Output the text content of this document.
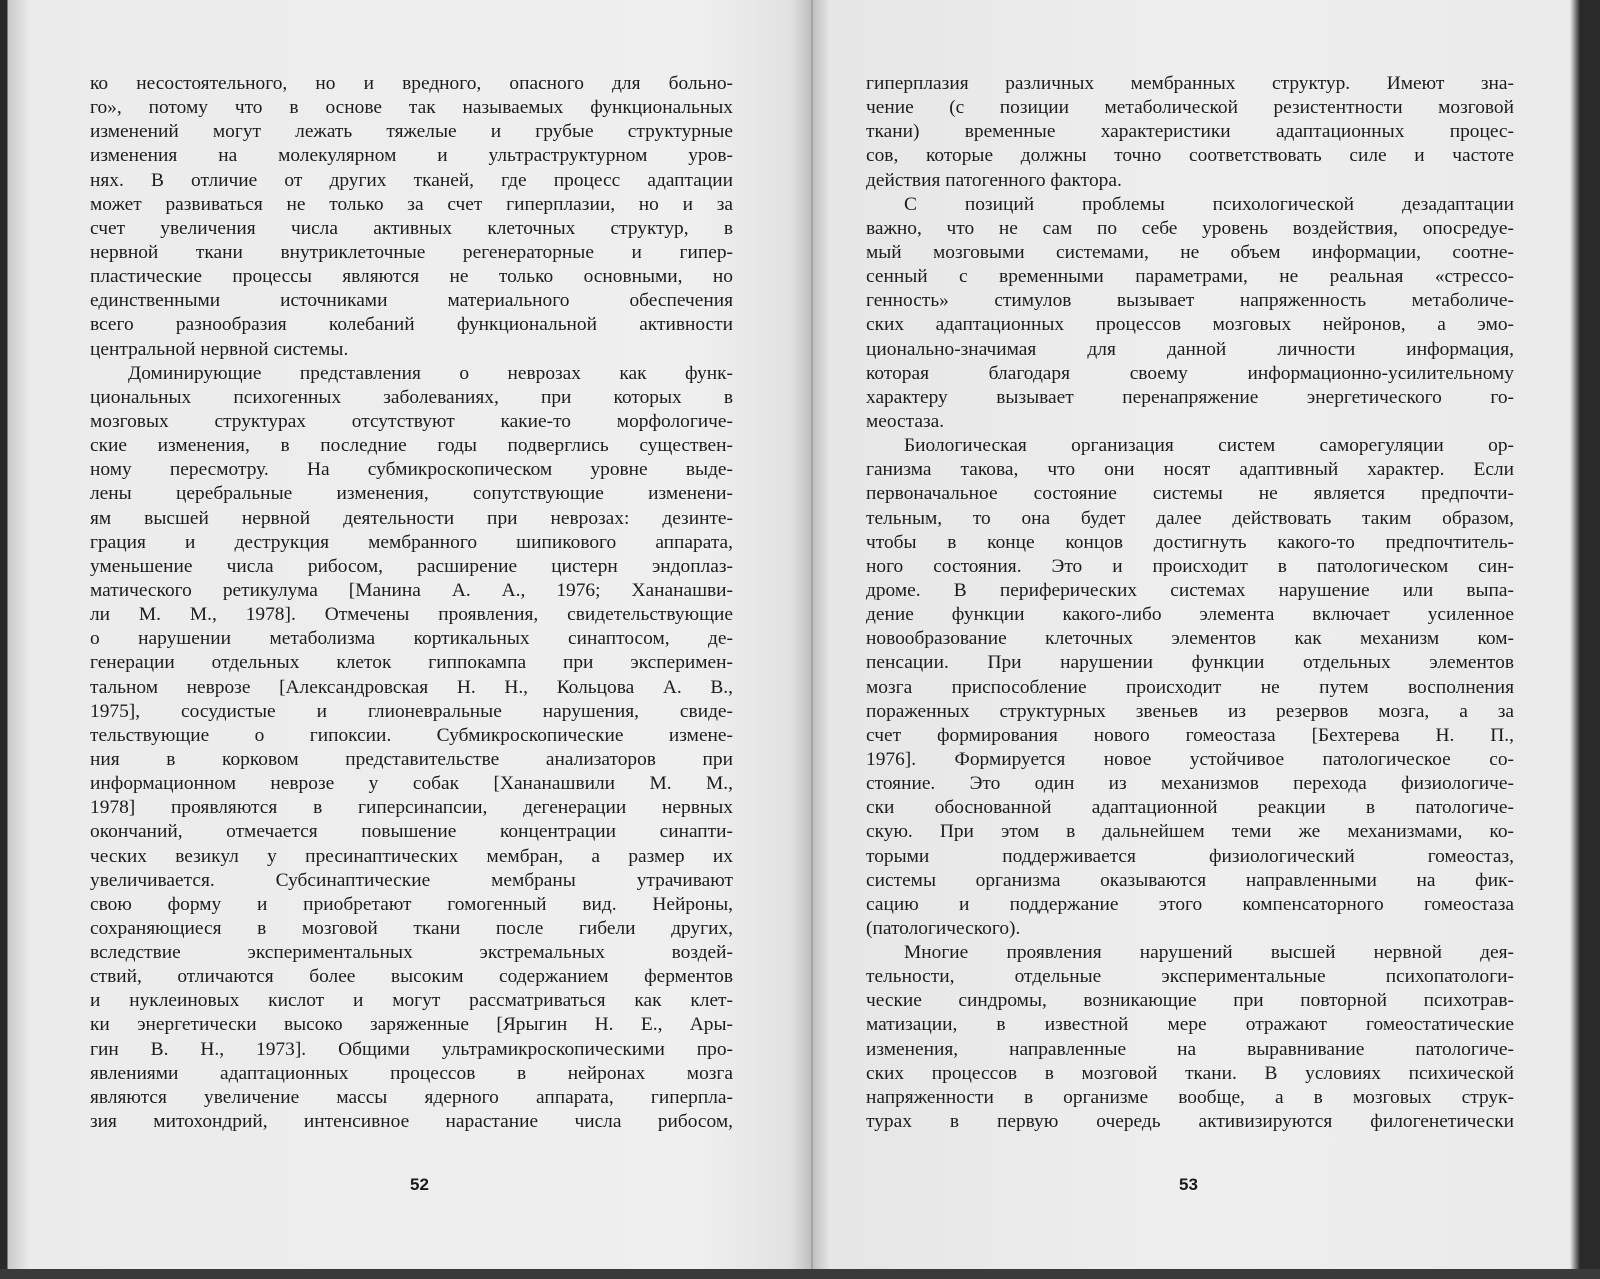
ко несостоятельного, но и вредного, опасного для больно-
го», потому что в основе так называемых функциональных
изменений могут лежать тяжелые и грубые структурные
изменения на молекулярном и ультраструктурном уров-
нях. В отличие от других тканей, где процесс адаптации
может развиваться не только за счет гиперплазии, но и за
счет увеличения числа активных клеточных структур, в
нервной ткани внутриклеточные регенераторные и гипер-
пластические процессы являются не только основными, но
единственными источниками материального обеспечения
всего разнообразия колебаний функциональной активности
центральной нервной системы.
Доминирующие представления о неврозах как функ-
циональных психогенных заболеваниях, при которых в
мозговых структурах отсутствуют какие-то морфологиче-
ские изменения, в последние годы подверглись существен-
ному пересмотру. На субмикроскопическом уровне выде-
лены церебральные изменения, сопутствующие изменени-
ям высшей нервной деятельности при неврозах: дезинте-
грация и деструкция мембранного шипикового аппарата,
уменьшение числа рибосом, расширение цистерн эндоплаз-
матического ретикулума [Манина А. А., 1976; Хананашви-
ли М. М., 1978]. Отмечены проявления, свидетельствующие
о нарушении метаболизма кортикальных синаптосом, де-
генерации отдельных клеток гиппокампа при эксперимен-
тальном неврозе [Александровская Н. Н., Кольцова А. В.,
1975], сосудистые и глионевральные нарушения, свиде-
тельствующие о гипоксии. Субмикроскопические измене-
ния в корковом представительстве анализаторов при
информационном неврозе у собак [Хананашвили М. М.,
1978] проявляются в гиперсинапсии, дегенерации нервных
окончаний, отмечается повышение концентрации синапти-
ческих везикул у пресинаптических мембран, а размер их
увеличивается. Субсинаптические мембраны утрачивают
свою форму и приобретают гомогенный вид. Нейроны,
сохраняющиеся в мозговой ткани после гибели других,
вследствие экспериментальных экстремальных воздей-
ствий, отличаются более высоким содержанием ферментов
и нуклеиновых кислот и могут рассматриваться как клет-
ки энергетически высоко заряженные [Ярыгин Н. Е., Ары-
гин В. Н., 1973]. Общими ультрамикроскопическими про-
явлениями адаптационных процессов в нейронах мозга
являются увеличение массы ядерного аппарата, гиперпла-
зия митохондрий, интенсивное нарастание числа рибосом,
52
гиперплазия различных мембранных структур. Имеют зна-
чение (с позиции метаболической резистентности мозговой
ткани) временные характеристики адаптационных процес-
сов, которые должны точно соответствовать силе и частоте
действия патогенного фактора.
С позиций проблемы психологической дезадаптации
важно, что не сам по себе уровень воздействия, опосредуе-
мый мозговыми системами, не объем информации, соотне-
сенный с временными параметрами, не реальная «стрессо-
генность» стимулов вызывает напряженность метаболиче-
ских адаптационных процессов мозговых нейронов, а эмо-
ционально-значимая для данной личности информация,
которая благодаря своему информационно-усилительному
характеру вызывает перенапряжение энергетического го-
меостаза.
Биологическая организация систем саморегуляции ор-
ганизма такова, что они носят адаптивный характер. Если
первоначальное состояние системы не является предпочти-
тельным, то она будет далее действовать таким образом,
чтобы в конце концов достигнуть какого-то предпочтитель-
ного состояния. Это и происходит в патологическом син-
дроме. В периферических системах нарушение или выпа-
дение функции какого-либо элемента включает усиленное
новообразование клеточных элементов как механизм ком-
пенсации. При нарушении функции отдельных элементов
мозга приспособление происходит не путем восполнения
пораженных структурных звеньев из резервов мозга, а за
счет формирования нового гомеостаза [Бехтерева Н. П.,
1976]. Формируется новое устойчивое патологическое со-
стояние. Это один из механизмов перехода физиологиче-
ски обоснованной адаптационной реакции в патологиче-
скую. При этом в дальнейшем теми же механизмами, ко-
торыми поддерживается физиологический гомеостаз,
системы организма оказываются направленными на фик-
сацию и поддержание этого компенсаторного гомеостаза
(патологического).
Многие проявления нарушений высшей нервной дея-
тельности, отдельные экспериментальные психопатологи-
ческие синдромы, возникающие при повторной психотрав-
матизации, в известной мере отражают гомеостатические
изменения, направленные на выравнивание патологиче-
ских процессов в мозговой ткани. В условиях психической
напряженности в организме вообще, а в мозговых струк-
турах в первую очередь активизируются филогенетически
53
